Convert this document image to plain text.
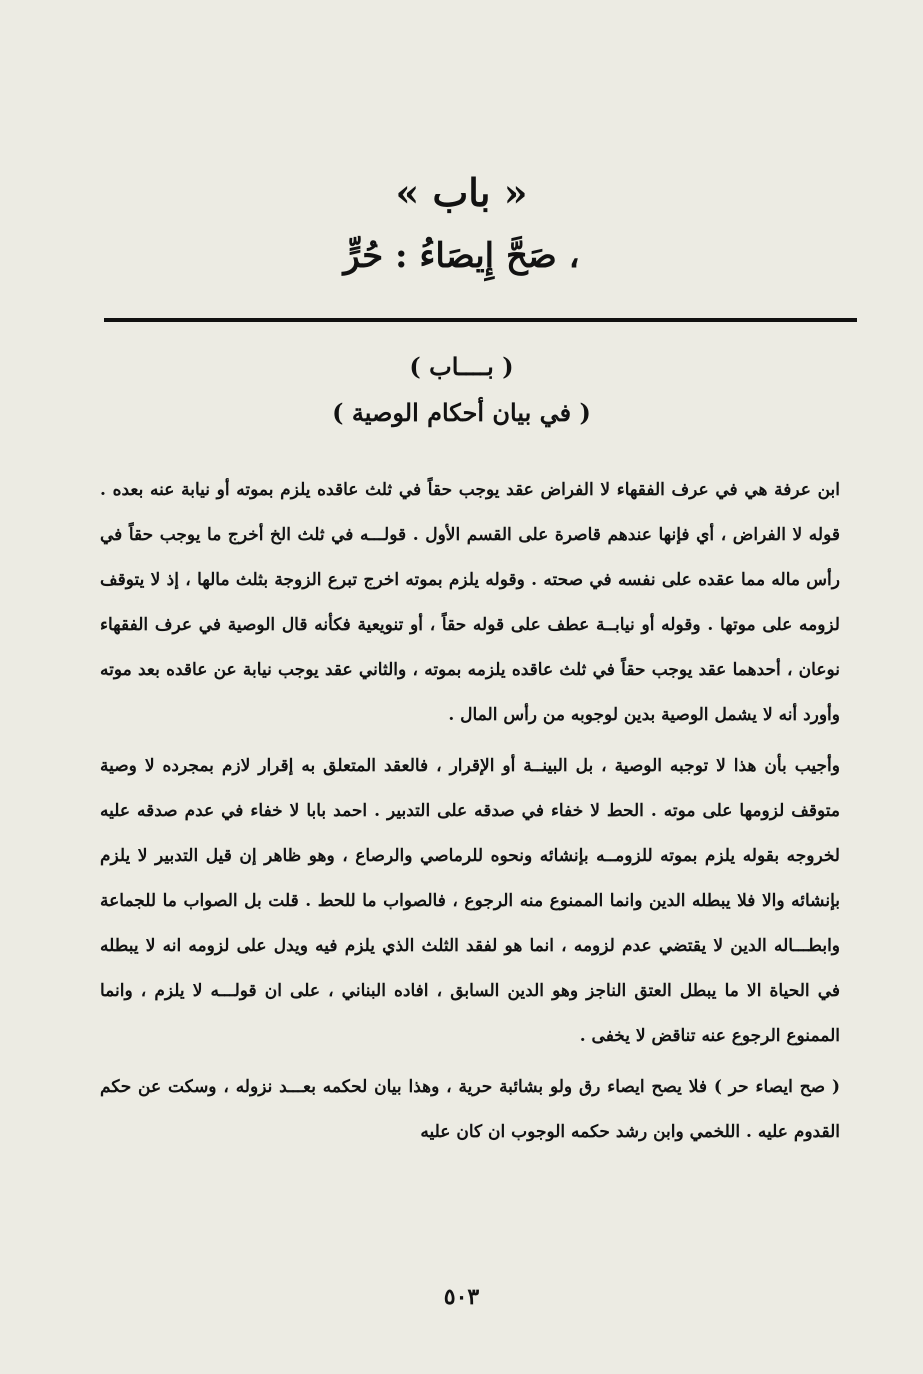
« باب »
صَحَّ إِيصَاءُ : حُرٍّ ،
( بــــاب )
( في بيان أحكام الوصية )

ابن عرفة هي في عرف الفقهاء لا الفراض عقد يوجب حقاً في ثلث عاقده يلزم بموته أو نيابة عنه بعده . قوله لا الفراض ، أي فإنها عندهم قاصرة على القسم الأول . قولـــه في ثلث الخ أخرج ما يوجب حقاً في رأس ماله مما عقده على نفسه في صحته . وقوله يلزم بموته اخرج تبرع الزوجة بثلث مالها ، إذ لا يتوقف لزومه على موتها . وقوله أو نيابــة عطف على قوله حقاً ، أو تنويعية فكأنه قال الوصية في عرف الفقهاء نوعان ، أحدهما عقد يوجب حقاً في ثلث عاقده يلزمه بموته ، والثاني عقد يوجب نيابة عن عاقده بعد موته وأورد أنه لا يشمل الوصية بدين لوجوبه من رأس المال .

وأجيب بأن هذا لا توجبه الوصية ، بل البينــة أو الإقرار ، فالعقد المتعلق به إقرار لازم بمجرده لا وصية متوقف لزومها على موته . الحط لا خفاء في صدقه على التدبير . احمد بابا لا خفاء في عدم صدقه عليه لخروجه بقوله يلزم بموته للزومــه بإنشائه ونحوه للرماصي والرصاع ، وهو ظاهر إن قيل التدبير لا يلزم بإنشائه والا فلا يبطله الدين وانما الممنوع منه الرجوع ، فالصواب ما للحط . قلت بل الصواب ما للجماعة وابطـــاله الدين لا يقتضي عدم لزومه ، انما هو لفقد الثلث الذي يلزم فيه ويدل على لزومه انه لا يبطله في الحياة الا ما يبطل العتق الناجز وهو الدين السابق ، افاده البناني ، على ان قولـــه لا يلزم ، وانما الممنوع الرجوع عنه تناقض لا يخفى .

( صح ايصاء حر ) فلا يصح ايصاء رق ولو بشائبة حرية ، وهذا بيان لحكمه بعـــد نزوله ، وسكت عن حكم القدوم عليه . اللخمي وابن رشد حكمه الوجوب ان كان عليه

٥٠٣
